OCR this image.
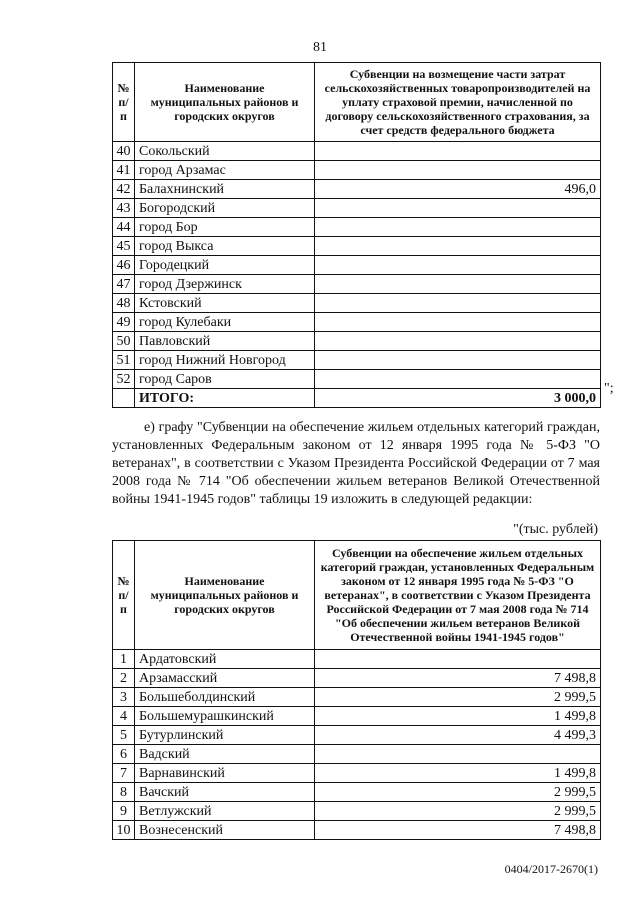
81
№ п/п	Наименование муниципальных районов и городских округов	Субвенции на возмещение части затрат сельскохозяйственных товаропроизводителей на уплату страховой премии, начисленной по договору сельскохозяйственного страхования, за счет средств федерального бюджета
40	Сокольский	
41	город Арзамас	
42	Балахнинский	496,0
43	Богородский	
44	город Бор	
45	город Выкса	
46	Городецкий	
47	город Дзержинск	
48	Кстовский	
49	город Кулебаки	
50	Павловский	
51	город Нижний Новгород	
52	город Саров	
	ИТОГО:	3 000,0
";
е) графу "Субвенции на обеспечение жильем отдельных категорий граждан, установленных Федеральным законом от 12 января 1995 года № 5-ФЗ "О ветеранах", в соответствии с Указом Президента Российской Федерации от 7 мая 2008 года № 714 "Об обеспечении жильем ветеранов Великой Отечественной войны 1941-1945 годов" таблицы 19 изложить в следующей редакции:
"(тыс. рублей)
№ п/п	Наименование муниципальных районов и городских округов	Субвенции на обеспечение жильем отдельных категорий граждан, установленных Федеральным законом от 12 января 1995 года № 5-ФЗ "О ветеранах", в соответствии с Указом Президента Российской Федерации от 7 мая 2008 года № 714 "Об обеспечении жильем ветеранов Великой Отечественной войны 1941-1945 годов"
1	Ардатовский	
2	Арзамасский	7 498,8
3	Большеболдинский	2 999,5
4	Большемурашкинский	1 499,8
5	Бутурлинский	4 499,3
6	Вадский	
7	Варнавинский	1 499,8
8	Вачский	2 999,5
9	Ветлужский	2 999,5
10	Вознесенский	7 498,8
0404/2017-2670(1)
